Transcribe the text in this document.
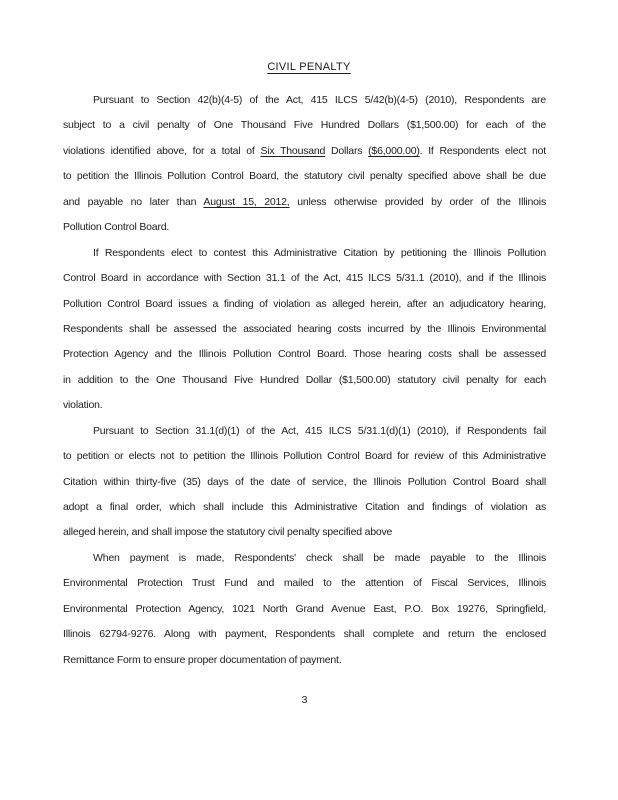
CIVIL PENALTY
Pursuant to Section 42(b)(4-5) of the Act, 415 ILCS 5/42(b)(4-5) (2010), Respondents are
subject to a civil penalty of One Thousand Five Hundred Dollars ($1,500.00) for each of the
violations identified above, for a total of Six Thousand Dollars ($6,000.00). If Respondents elect not
to petition the Illinois Pollution Control Board, the statutory civil penalty specified above shall be due
and payable no later than August 15, 2012, unless otherwise provided by order of the Illinois
Pollution Control Board.
If Respondents elect to contest this Administrative Citation by petitioning the Illinois Pollution
Control Board in accordance with Section 31.1 of the Act, 415 ILCS 5/31.1 (2010), and if the Illinois
Pollution Control Board issues a finding of violation as alleged herein, after an adjudicatory hearing,
Respondents shall be assessed the associated hearing costs incurred by the Illinois Environmental
Protection Agency and the Illinois Pollution Control Board. Those hearing costs shall be assessed
in addition to the One Thousand Five Hundred Dollar ($1,500.00) statutory civil penalty for each
violation.
Pursuant to Section 31.1(d)(1) of the Act, 415 ILCS 5/31.1(d)(1) (2010), if Respondents fail
to petition or elects not to petition the Illinois Pollution Control Board for review of this Administrative
Citation within thirty-five (35) days of the date of service, the Illinois Pollution Control Board shall
adopt a final order, which shall include this Administrative Citation and findings of violation as
alleged herein, and shall impose the statutory civil penalty specified above
When payment is made, Respondents' check shall be made payable to the Illinois
Environmental Protection Trust Fund and mailed to the attention of Fiscal Services, Illinois
Environmental Protection Agency, 1021 North Grand Avenue East, P.O. Box 19276, Springfield,
Illinois 62794-9276. Along with payment, Respondents shall complete and return the enclosed
Remittance Form to ensure proper documentation of payment.
3
